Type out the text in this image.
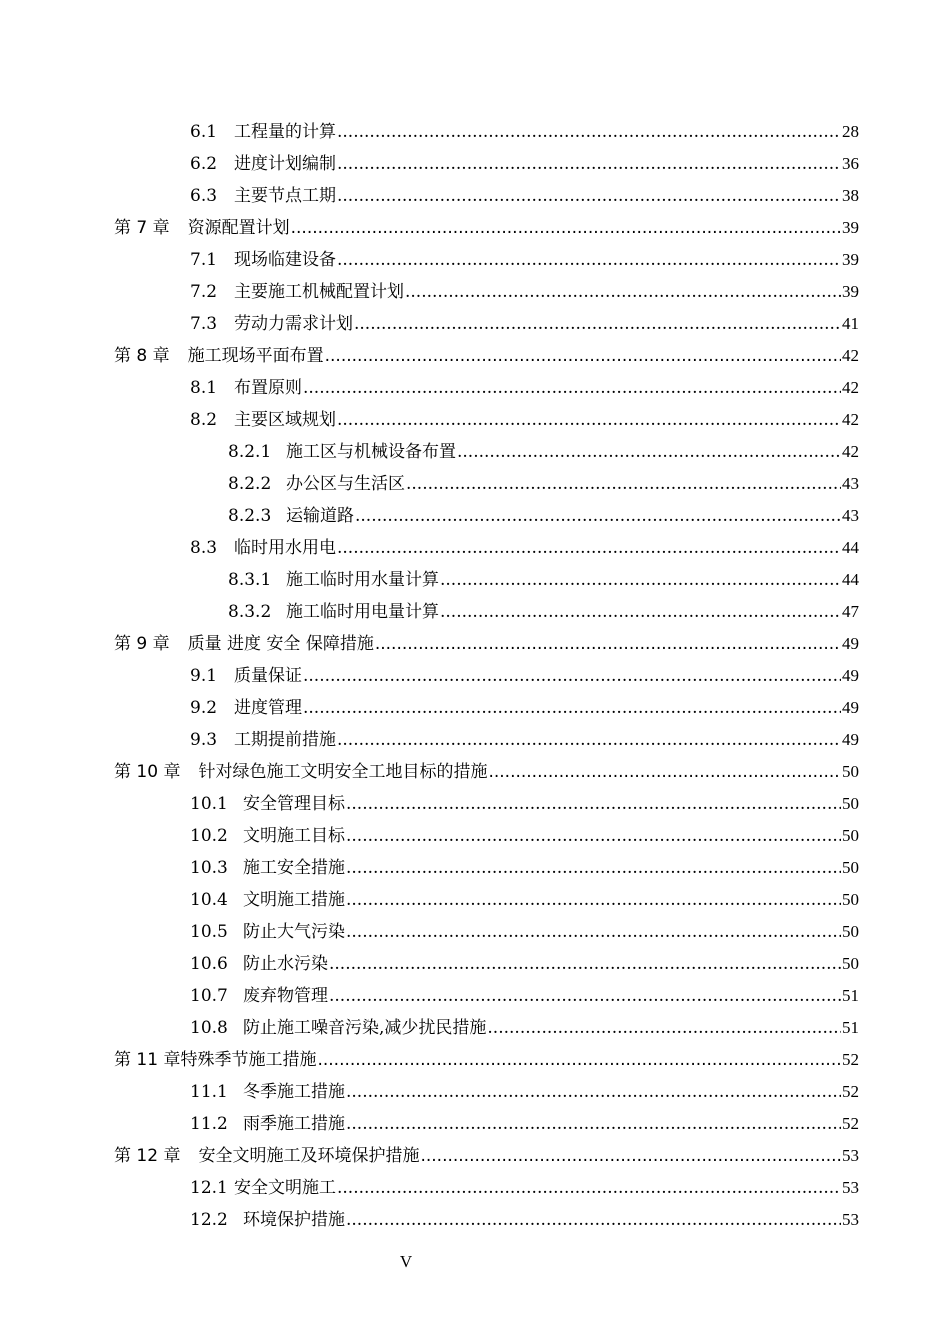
6.1 工程量的计算 .....	28
6.2 进度计划编制 .....	36
6.3 主要节点工期 .....	38
第 7 章 资源配置计划 .....	39
7.1 现场临建设备 .....	39
7.2 主要施工机械配置计划 .....	39
7.3 劳动力需求计划 .....	41
第 8 章 施工现场平面布置 .....	42
8.1 布置原则 .....	42
8.2 主要区域规划 .....	42
8.2.1 施工区与机械设备布置 .....	42
8.2.2 办公区与生活区 .....	43
8.2.3 运输道路 .....	43
8.3 临时用水用电 .....	44
8.3.1 施工临时用水量计算 .....	44
8.3.2 施工临时用电量计算 .....	47
第 9 章 质量 进度 安全 保障措施 .....	49
9.1 质量保证 .....	49
9.2 进度管理 .....	49
9.3 工期提前措施 .....	49
第 10 章 针对绿色施工文明安全工地目标的措施 .....	50
10.1 安全管理目标 .....	50
10.2 文明施工目标 .....	50
10.3 施工安全措施 .....	50
10.4 文明施工措施 .....	50
10.5 防止大气污染 .....	50
10.6 防止水污染 .....	50
10.7 废弃物管理 .....	51
10.8 防止施工噪音污染,减少扰民措施 .....	51
第 11 章 特殊季节施工措施 .....	52
11.1 冬季施工措施 .....	52
11.2 雨季施工措施 .....	52
第 12 章 安全文明施工及环境保护措施 .....	53
12.1 安全文明施工 .....	53
12.2 环境保护措施 .....	53
V
